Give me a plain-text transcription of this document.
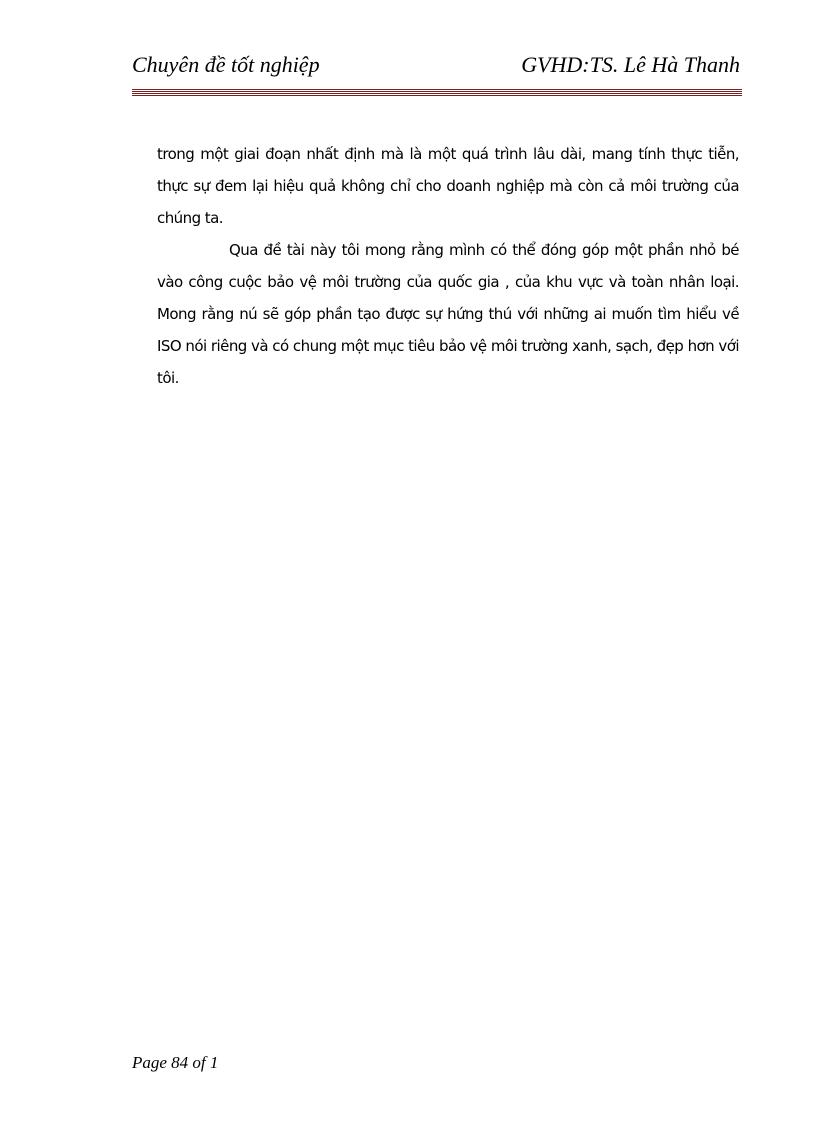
Chuyên đề tốt nghiệp	GVHD:TS. Lê Hà Thanh

trong một giai đoạn nhất định mà là một quá trình lâu dài, mang tính thực tiễn, thực sự đem lại hiệu quả không chỉ cho doanh nghiệp mà còn cả môi trường của chúng ta.

Qua đề tài này tôi mong rằng mình có thể đóng góp một phần nhỏ bé vào công cuộc bảo vệ môi trường của quốc gia , của khu vực và toàn nhân loại. Mong rằng nú sẽ góp phần tạo được sự hứng thú với những ai muốn tìm hiểu về ISO nói riêng và có chung một mục tiêu bảo vệ môi trường xanh, sạch, đẹp hơn với tôi.

Page 84 of 1
